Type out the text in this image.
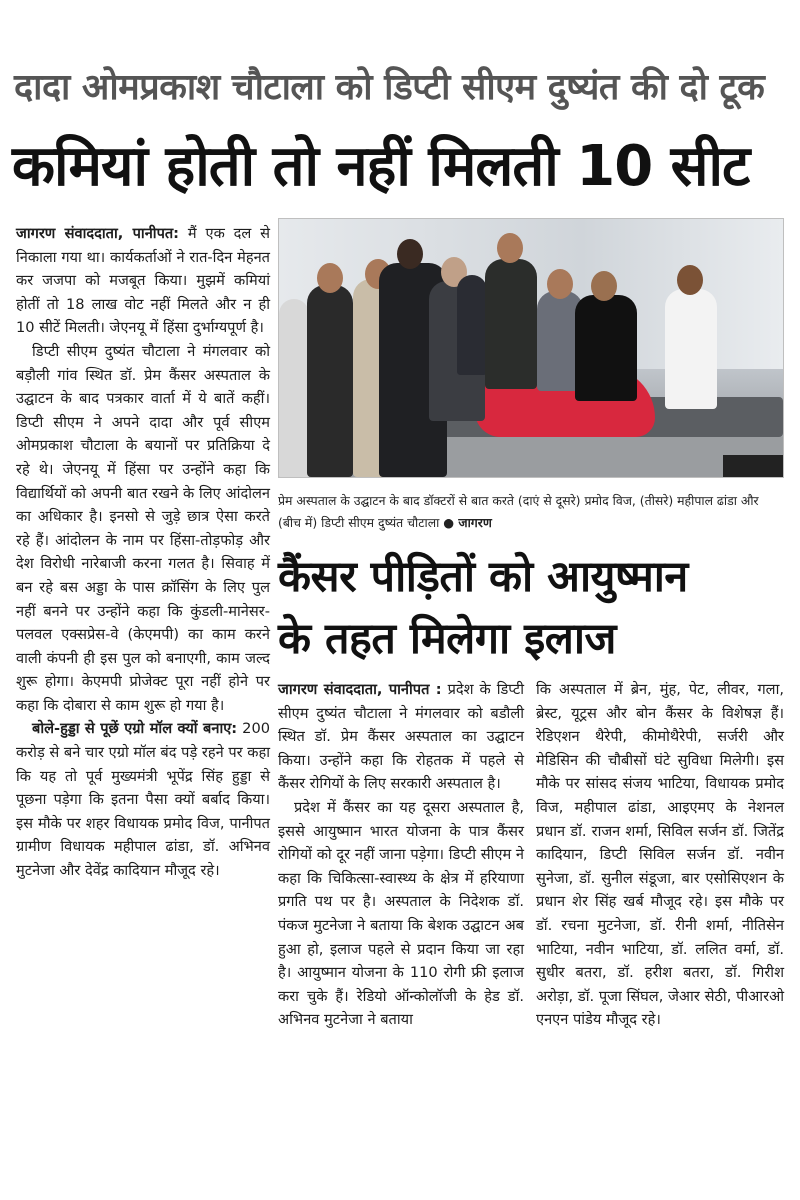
दादा ओमप्रकाश चौटाला को डिप्टी सीएम दुष्यंत की दो टूक
कमियां होती तो नहीं मिलती 10 सीट

जागरण संवाददाता, पानीपत: मैं एक दल से निकाला गया था। कार्यकर्ताओं ने रात-दिन मेहनत कर जजपा को मजबूत किया। मुझमें कमियां होतीं तो 18 लाख वोट नहीं मिलते और न ही 10 सीटें मिलती। जेएनयू में हिंसा दुर्भाग्यपूर्ण है।

डिप्टी सीएम दुष्यंत चौटाला ने मंगलवार को बड़ौली गांव स्थित डॉ. प्रेम कैंसर अस्पताल के उद्घाटन के बाद पत्रकार वार्ता में ये बातें कहीं। डिप्टी सीएम ने अपने दादा और पूर्व सीएम ओमप्रकाश चौटाला के बयानों पर प्रतिक्रिया दे रहे थे। जेएनयू में हिंसा पर उन्होंने कहा कि विद्यार्थियों को अपनी बात रखने के लिए आंदोलन का अधिकार है। इनसो से जुड़े छात्र ऐसा करते रहे हैं। आंदोलन के नाम पर हिंसा-तोड़फोड़ और देश विरोधी नारेबाजी करना गलत है। सिवाह में बन रहे बस अड्डा के पास क्रॉसिंग के लिए पुल नहीं बनने पर उन्होंने कहा कि कुंडली-मानेसर-पलवल एक्सप्रेस-वे (केएमपी) का काम करने वाली कंपनी ही इस पुल को बनाएगी, काम जल्द शुरू होगा। केएमपी प्रोजेक्ट पूरा नहीं होने पर कहा कि दोबारा से काम शुरू हो गया है।

बोले-हुड्डा से पूछें एग्रो मॉल क्यों बनाए: 200 करोड़ से बने चार एग्रो मॉल बंद पड़े रहने पर कहा कि यह तो पूर्व मुख्यमंत्री भूपेंद्र सिंह हुड्डा से पूछना पड़ेगा कि इतना पैसा क्यों बर्बाद किया। इस मौके पर शहर विधायक प्रमोद विज, पानीपत ग्रामीण विधायक महीपाल ढांडा, डॉ. अभिनव मुटनेजा और देवेंद्र कादियान मौजूद रहे।

प्रेम अस्पताल के उद्घाटन के बाद डॉक्टरों से बात करते (दाएं से दूसरे) प्रमोद विज, (तीसरे) महीपाल ढांडा और (बीच में) डिप्टी सीएम दुष्यंत चौटाला ● जागरण
कैंसर पीड़ितों को आयुष्मान
के तहत मिलेगा इलाज

जागरण संवाददाता, पानीपत : प्रदेश के डिप्टी सीएम दुष्यंत चौटाला ने मंगलवार को बडौली स्थित डॉ. प्रेम कैंसर अस्पताल का उद्घाटन किया। उन्होंने कहा कि रोहतक में पहले से कैंसर रोगियों के लिए सरकारी अस्पताल है।

प्रदेश में कैंसर का यह दूसरा अस्पताल है, इससे आयुष्मान भारत योजना के पात्र कैंसर रोगियों को दूर नहीं जाना पड़ेगा। डिप्टी सीएम ने कहा कि चिकित्सा-स्वास्थ्य के क्षेत्र में हरियाणा प्रगति पथ पर है। अस्पताल के निदेशक डॉ. पंकज मुटनेजा ने बताया कि बेशक उद्घाटन अब हुआ हो, इलाज पहले से प्रदान किया जा रहा है। आयुष्मान योजना के 110 रोगी फ्री इलाज करा चुके हैं। रेडियो ऑन्कोलॉजी के हेड डॉ. अभिनव मुटनेजा ने बताया

कि अस्पताल में ब्रेन, मुंह, पेट, लीवर, गला, ब्रेस्ट, यूट्रस और बोन कैंसर के विशेषज्ञ हैं। रेडिएशन थैरेपी, कीमोथैरेपी, सर्जरी और मेडिसिन की चौबीसों घंटे सुविधा मिलेगी। इस मौके पर सांसद संजय भाटिया, विधायक प्रमोद विज, महीपाल ढांडा, आइएमए के नेशनल प्रधान डॉ. राजन शर्मा, सिविल सर्जन डॉ. जितेंद्र कादियान, डिप्टी सिविल सर्जन डॉ. नवीन सुनेजा, डॉ. सुनील संडूजा, बार एसोसिएशन के प्रधान शेर सिंह खर्ब मौजूद रहे। इस मौके पर डॉ. रचना मुटनेजा, डॉ. रीनी शर्मा, नीतिसेन भाटिया, नवीन भाटिया, डॉ. ललित वर्मा, डॉ. सुधीर बतरा, डॉ. हरीश बतरा, डॉ. गिरीश अरोड़ा, डॉ. पूजा सिंघल, जेआर सेठी, पीआरओ एनएन पांडेय मौजूद रहे।
